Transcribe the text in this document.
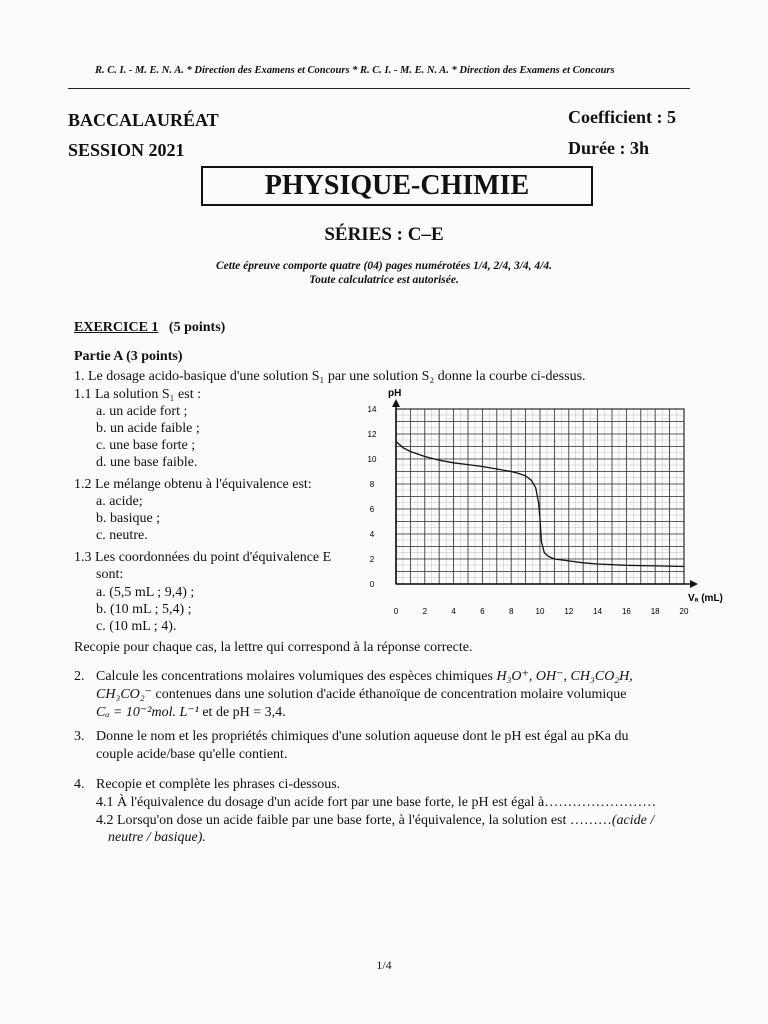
R. C. I. - M. E. N. A. * Direction des Examens et Concours * R. C. I. - M. E. N. A. * Direction des Examens et Concours
BACCALAURÉAT
SESSION 2021
Coefficient : 5
Durée : 3h
PHYSIQUE-CHIMIE
SÉRIES : C–E
Cette épreuve comporte quatre (04) pages numérotées 1/4, 2/4, 3/4, 4/4.
Toute calculatrice est autorisée.
EXERCICE 1 (5 points)
Partie A (3 points)
1. Le dosage acido-basique d'une solution S₁ par une solution S₂ donne la courbe ci-dessus.
1.1 La solution S₁ est :
a. un acide fort ;
b. un acide faible ;
c. une base forte ;
d. une base faible.
1.2 Le mélange obtenu à l'équivalence est:
a. acide;
b. basique ;
c. neutre.
1.3 Les coordonnées du point d'équivalence E
sont:
a. (5,5 mL ; 9,4) ;
b. (10 mL ; 5,4) ;
c. (10 mL ; 4).
pH
Vₐ (mL)
0	2	4	6	8	10 12 14 16 18 20
0
2
4
6
8
10
12
14
Recopie pour chaque cas, la lettre qui correspond à la réponse correcte.
2. Calcule les concentrations molaires volumiques des espèces chimiques H₃O⁺, OH⁻, CH₃CO₂H,
CH₃CO₂⁻ contenues dans une solution d'acide éthanoïque de concentration molaire volumique
Cₐ = 10⁻²mol. L⁻¹ et de pH = 3,4.
3. Donne le nom et les propriétés chimiques d'une solution aqueuse dont le pH est égal au pKa du
couple acide/base qu'elle contient.
4. Recopie et complète les phrases ci-dessous.
4.1 À l'équivalence du dosage d'un acide fort par une base forte, le pH est égal à……………………
4.2 Lorsqu'on dose un acide faible par une base forte, à l'équivalence, la solution est ………(acide /
neutre / basique).
1/4
